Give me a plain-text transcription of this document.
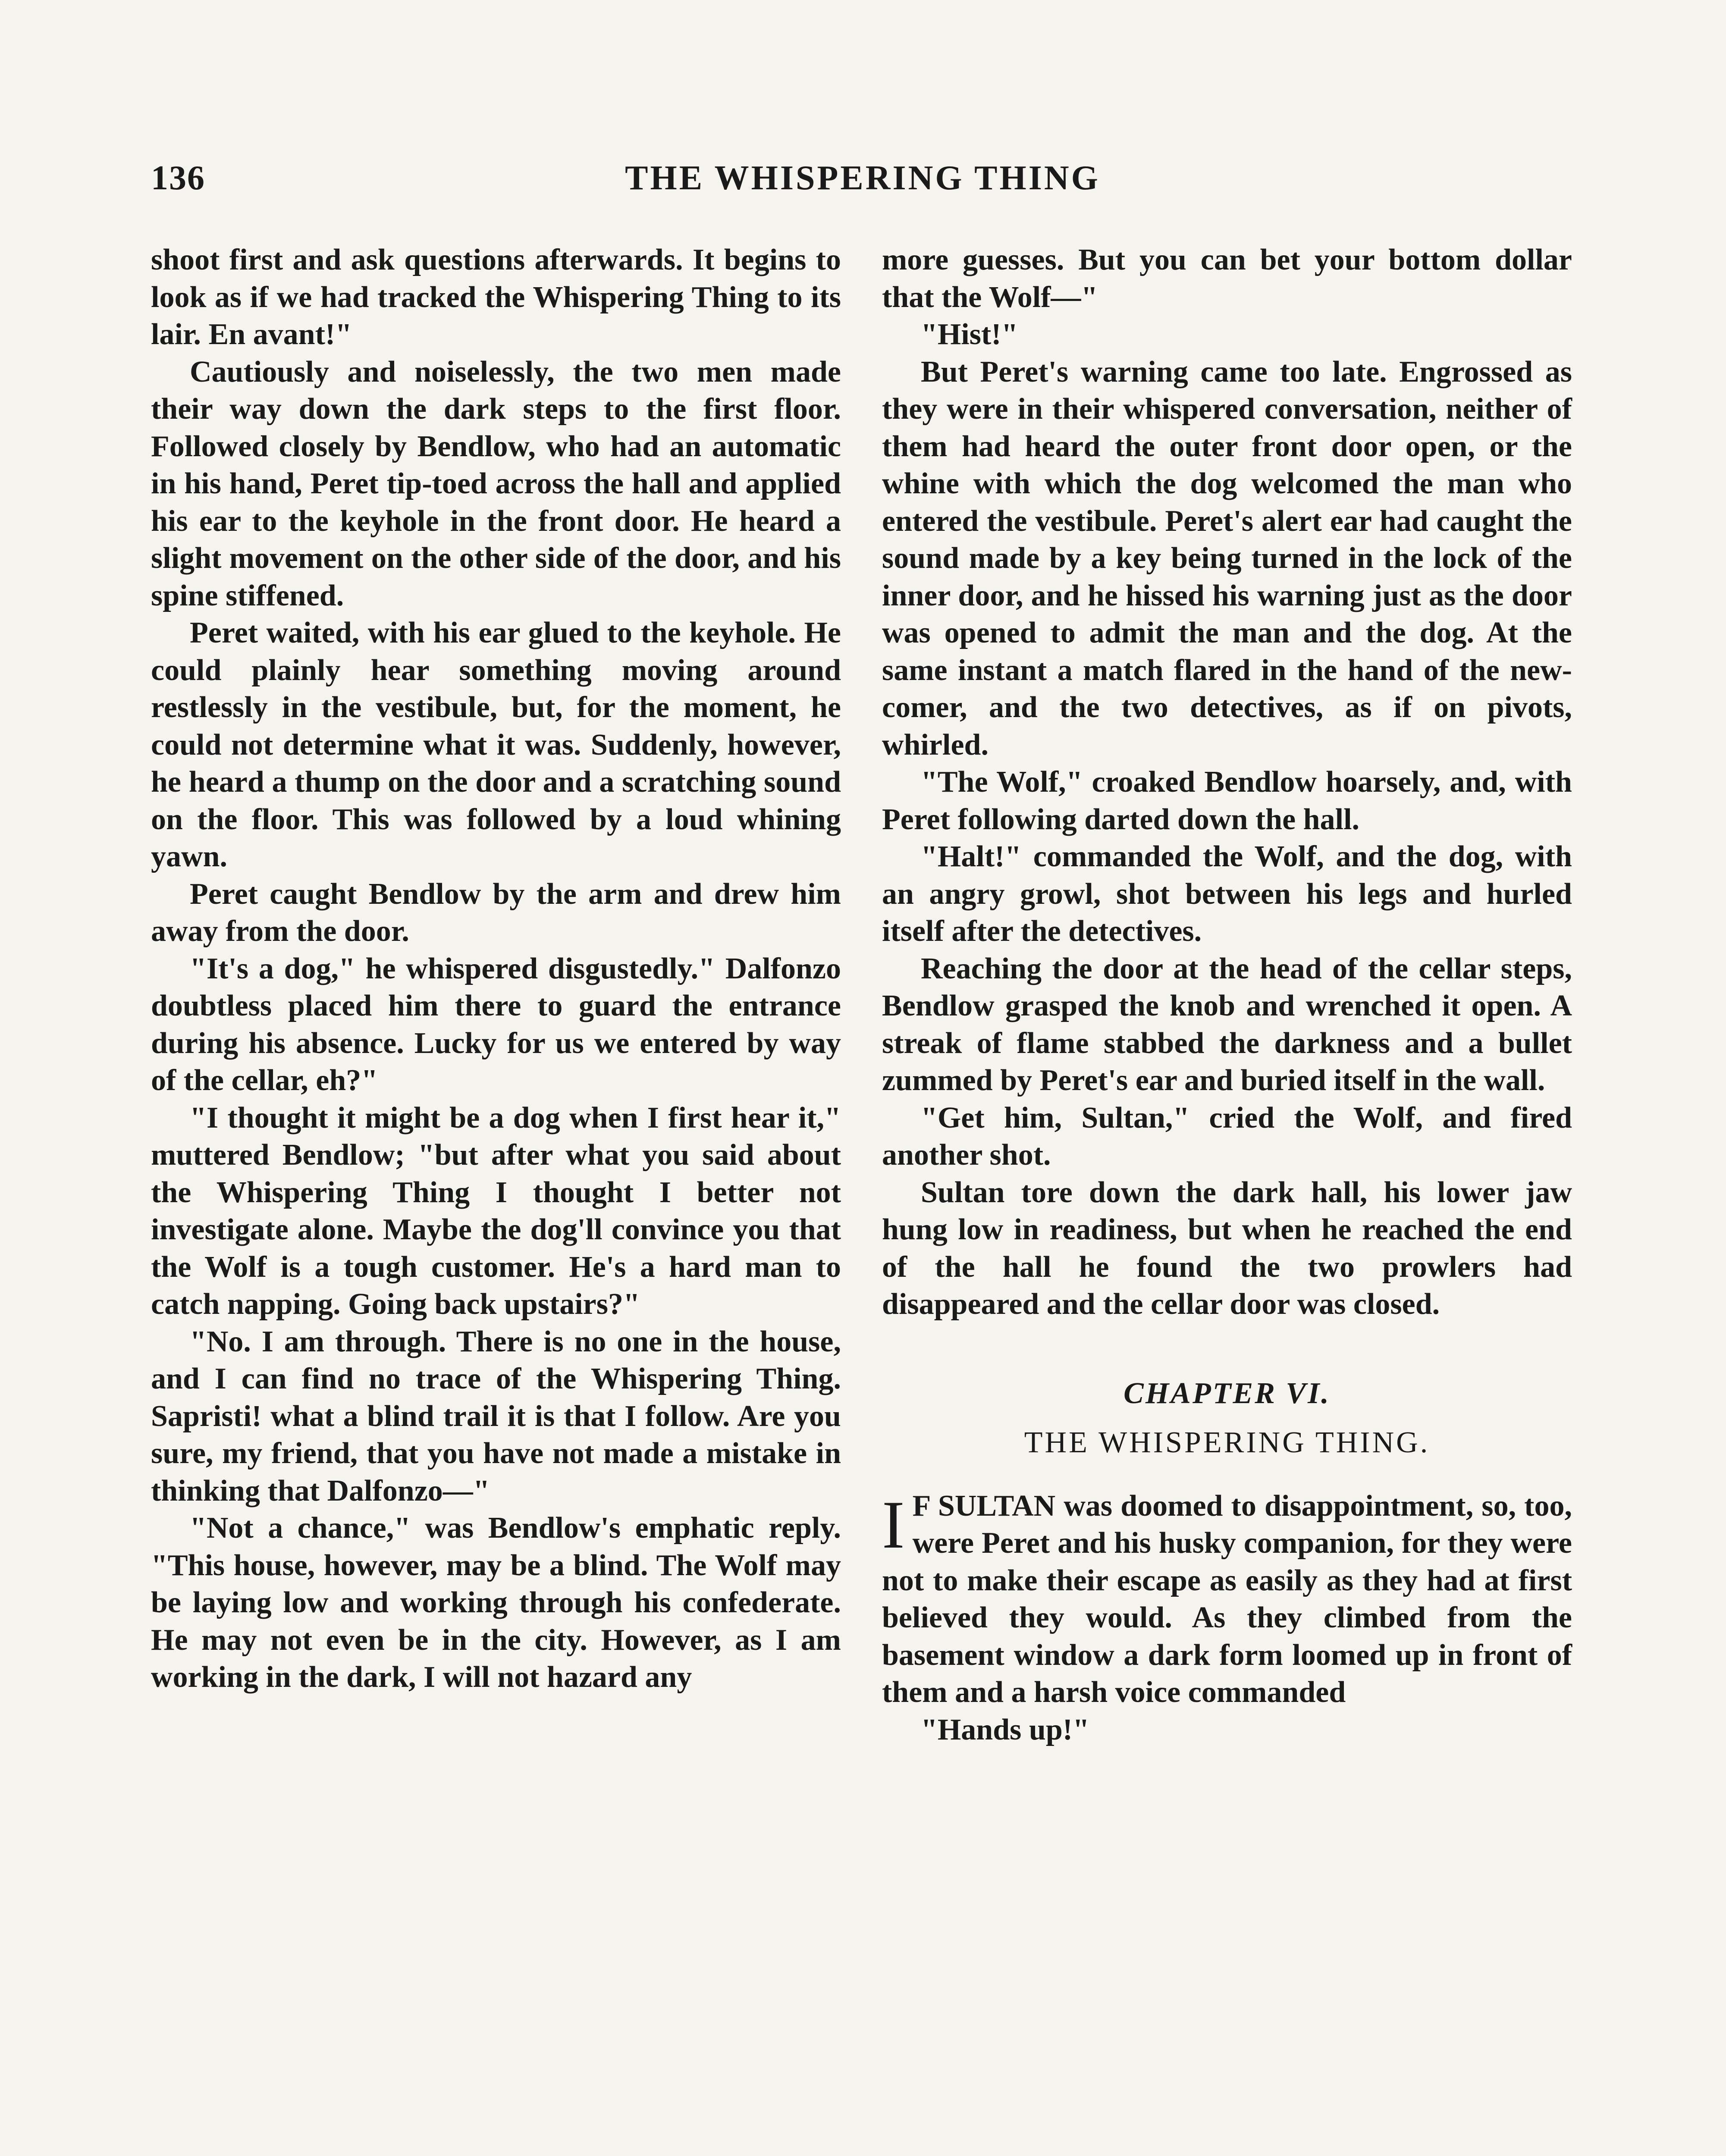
136	THE WHISPERING THING

shoot first and ask questions afterwards. It begins to look as if we had tracked the Whispering Thing to its lair. En avant!"

Cautiously and noiselessly, the two men made their way down the dark steps to the first floor. Followed closely by Bendlow, who had an automatic in his hand, Peret tip-toed across the hall and applied his ear to the keyhole in the front door. He heard a slight movement on the other side of the door, and his spine stiffened.

Peret waited, with his ear glued to the keyhole. He could plainly hear something moving around restlessly in the vestibule, but, for the moment, he could not determine what it was. Suddenly, however, he heard a thump on the door and a scratching sound on the floor. This was followed by a loud whining yawn.

Peret caught Bendlow by the arm and drew him away from the door.

"It's a dog," he whispered disgustedly." Dalfonzo doubtless placed him there to guard the entrance during his absence. Lucky for us we entered by way of the cellar, eh?"

"I thought it might be a dog when I first hear it," muttered Bendlow; "but after what you said about the Whispering Thing I thought I better not investigate alone. Maybe the dog'll convince you that the Wolf is a tough customer. He's a hard man to catch napping. Going back upstairs?"

"No. I am through. There is no one in the house, and I can find no trace of the Whispering Thing. Sapristi! what a blind trail it is that I follow. Are you sure, my friend, that you have not made a mistake in thinking that Dalfonzo—"

"Not a chance," was Bendlow's emphatic reply. "This house, however, may be a blind. The Wolf may be laying low and working through his confederate. He may not even be in the city. However, as I am working in the dark, I will not hazard any

more guesses. But you can bet your bottom dollar that the Wolf—"

"Hist!"

But Peret's warning came too late. Engrossed as they were in their whispered conversation, neither of them had heard the outer front door open, or the whine with which the dog welcomed the man who entered the vestibule. Peret's alert ear had caught the sound made by a key being turned in the lock of the inner door, and he hissed his warning just as the door was opened to admit the man and the dog. At the same instant a match flared in the hand of the new-comer, and the two detectives, as if on pivots, whirled.

"The Wolf," croaked Bendlow hoarsely, and, with Peret following darted down the hall.

"Halt!" commanded the Wolf, and the dog, with an angry growl, shot between his legs and hurled itself after the detectives.

Reaching the door at the head of the cellar steps, Bendlow grasped the knob and wrenched it open. A streak of flame stabbed the darkness and a bullet zummed by Peret's ear and buried itself in the wall.

"Get him, Sultan," cried the Wolf, and fired another shot.

Sultan tore down the dark hall, his lower jaw hung low in readiness, but when he reached the end of the hall he found the two prowlers had disappeared and the cellar door was closed.

CHAPTER VI.

THE WHISPERING THING.

I F SULTAN was doomed to disappointment, so, too, were Peret and his husky companion, for they were not to make their escape as easily as they had at first believed they would. As they climbed from the basement window a dark form loomed up in front of them and a harsh voice commanded

"Hands up!"
